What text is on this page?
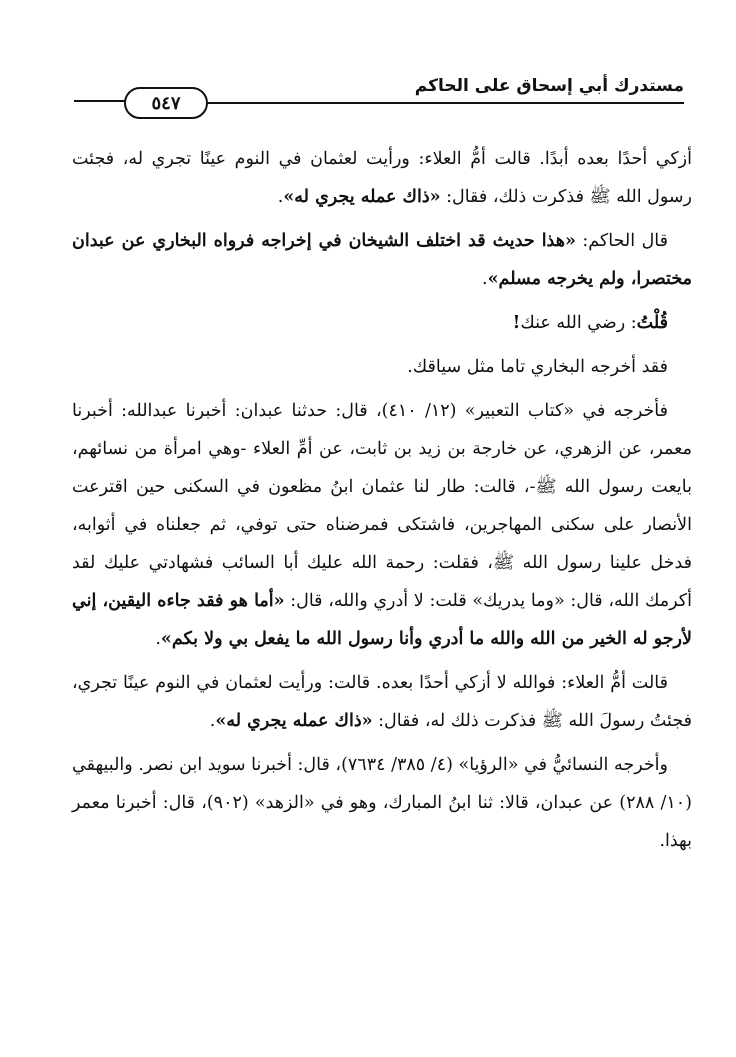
مستدرك أبي إسحاق على الحاكم
٥٤٧

أزكي أحدًا بعده أبدًا. قالت أمُّ العلاء: ورأيت لعثمان في النوم عينًا تجري له، فجئت رسول الله ﷺ فذكرت ذلك، فقال: «ذاك عمله يجري له».

قال الحاكم: «هذا حديث قد اختلف الشيخان في إخراجه فرواه البخاري عن عبدان مختصرا، ولم يخرجه مسلم».

قُلْتُ: رضي الله عنك!

فقد أخرجه البخاري تاما مثل سياقك.

فأخرجه في «كتاب التعبير» (١٢/ ٤١٠)، قال: حدثنا عبدان: أخبرنا عبدالله: أخبرنا معمر، عن الزهري، عن خارجة بن زيد بن ثابت، عن أمِّ العلاء -وهي امرأة من نسائهم، بايعت رسول الله ﷺ-، قالت: طار لنا عثمان ابنُ مظعون في السكنى حين اقترعت الأنصار على سكنى المهاجرين، فاشتكى فمرضناه حتى توفي، ثم جعلناه في أثوابه، فدخل علينا رسول الله ﷺ، فقلت: رحمة الله عليك أبا السائب فشهادتي عليك لقد أكرمك الله، قال: «وما يدريك» قلت: لا أدري والله، قال: «أما هو فقد جاءه اليقين، إني لأرجو له الخير من الله والله ما أدري وأنا رسول الله ما يفعل بي ولا بكم».

قالت أمُّ العلاء: فوالله لا أزكي أحدًا بعده. قالت: ورأيت لعثمان في النوم عينًا تجري، فجئتُ رسولَ الله ﷺ فذكرت ذلك له، فقال: «ذاك عمله يجري له».

وأخرجه النسائيُّ في «الرؤيا» (٤/ ٣٨٥/ ٧٦٣٤)، قال: أخبرنا سويد ابن نصر. والبيهقي (١٠/ ٢٨٨) عن عبدان، قالا: ثنا ابنُ المبارك، وهو في «الزهد» (٩٠٢)، قال: أخبرنا معمر بهذا.
